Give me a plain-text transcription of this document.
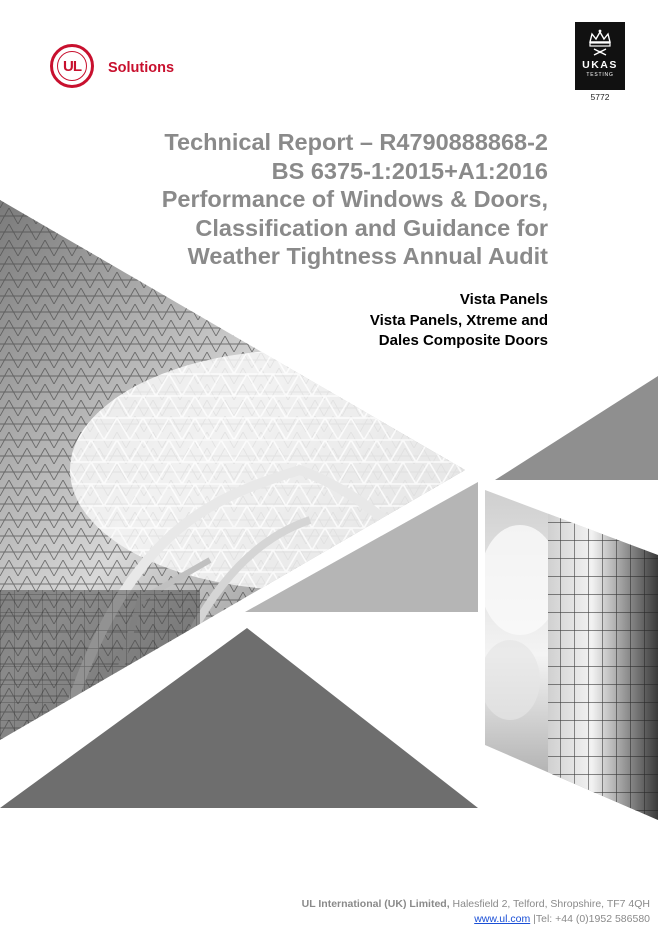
UL	Solutions	UKAS
TESTING
5772
Technical Report – R4790888868-2
BS 6375-1:2015+A1:2016
Performance of Windows & Doors,
Classification and Guidance for
Weather Tightness Annual Audit
Vista Panels
Vista Panels, Xtreme and
Dales Composite Doors
UL International (UK) Limited, Halesfield 2, Telford, Shropshire, TF7 4QH
www.ul.com |Tel: +44 (0)1952 586580
